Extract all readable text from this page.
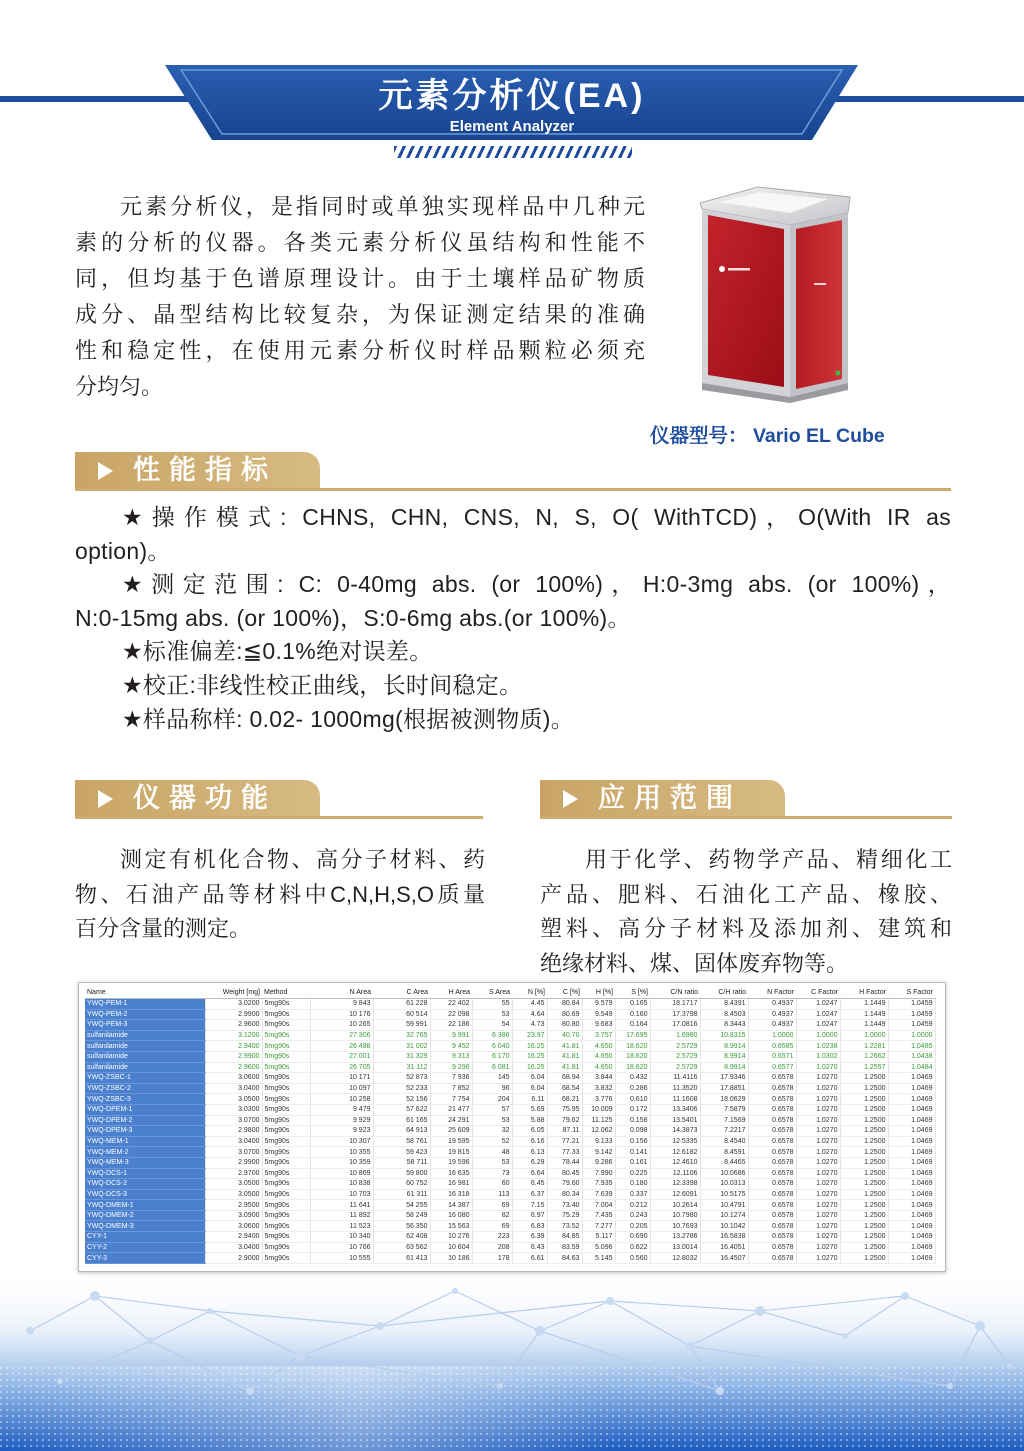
元素分析仪(EA)
Element Analyzer
元素分析仪，是指同时或单独实现样品中几种元
素的分析的仪器。各类元素分析仪虽结构和性能不
同，但均基于色谱原理设计。由于土壤样品矿物质
成分、晶型结构比较复杂，为保证测定结果的准确
性和稳定性，在使用元素分析仪时样品颗粒必须充
分均匀。
仪器型号： Vario EL Cube
性能指标
★操作模式: CHNS, CHN, CNS, N, S, O( WithTCD)，O(With IR as
option)。
★测定范围: C: 0-40mg abs. (or 100%)，H:0-3mg abs. (or 100%)，
N:0-15mg abs. (or 100%)，S:0-6mg abs.(or 100%)。
★标准偏差:≦0.1%绝对误差。
★校正:非线性校正曲线，长时间稳定。
★样品称样: 0.02- 1000mg(根据被测物质)。
仪器功能	应用范围
测定有机化合物、高分子材料、药
物、石油产品等材料中C,N,H,S,O质量
百分含量的测定。
用于化学、药物学产品、精细化工
产品、肥料、石油化工产品、橡胶、
塑料、高分子材料及添加剂、建筑和
绝缘材料、煤、固体废弃物等。
Name	Weight [mg]	Method	N Area	C Area	H Area	S Area	N [%]	C [%]	H [%]	S [%]	C/N ratio	C/H ratio	N Factor	C Factor	H Factor	S Factor
YWQ-PEM-1	3.0200	5mg90s	9 843	61 228	22 402	55	4.45	80.84	9.579	0.165	18.1717	8.4391	0.4937	1.0247	1.1449	1.0459
YWQ-PEM-2	2.9900	5mg90s	10 176	60 514	22 098	53	4.64	80.69	9.549	0.160	17.3798	8.4503	0.4937	1.0247	1.1449	1.0459
YWQ-PEM-3	2.9600	5mg90s	10 265	59 991	22 186	54	4.73	80.80	9.683	0.164	17.0816	8.3443	0.4937	1.0247	1.1449	1.0459
sulfanilamide	3.1200	5mg90s	27 306	32 765	9 991	6 386	23.97	40.70	3.757	17.695	1.6980	10.8315	1.0000	1.0000	1.0000	1.0000
sulfanilamide	2.9400	5mg90s	26 488	31 002	9 452	6 040	16.25	41.81	4.650	18.620	2.5729	8.9914	0.6585	1.0238	1.2281	1.0485
sulfanilamide	2.9900	5mg90s	27 001	31 329	9 313	6 170	16.25	41.81	4.650	18.620	2.5729	8.9914	0.6571	1.0302	1.2662	1.0438
sulfanilamide	2.9600	5mg90s	26 705	31 112	9 296	6 081	16.25	41.81	4.650	18.620	2.5729	8.9914	0.6577	1.0270	1.2557	1.0484
YWQ-ZSBC-1	3.0600	5mg90s	10 171	52 873	7 936	145	6.04	68.94	3.844	0.432	11.4116	17.9346	0.6578	1.0270	1.2500	1.0469
YWQ-ZSBC-2	3.0400	5mg90s	10 097	52 233	7 852	96	6.04	68.54	3.832	0.286	11.3520	17.8851	0.6578	1.0270	1.2500	1.0469
YWQ-ZSBC-3	3.0500	5mg90s	10 258	52 156	7 754	204	6.11	68.21	3.776	0.610	11.1608	18.0629	0.6578	1.0270	1.2500	1.0469
YWQ-DPEM-1	3.0300	5mg90s	9 479	57 622	21 477	57	5.69	75.95	10.009	0.172	13.3406	7.5879	0.6578	1.0270	1.2500	1.0469
YWQ-DPEM-2	3.0700	5mg90s	9 929	61 165	24 291	53	5.88	79.62	11.125	0.158	13.5401	7.1569	0.6578	1.0270	1.2500	1.0469
YWQ-DPEM-3	2.9800	5mg90s	9 923	64 913	25 609	32	6.05	87.11	12.062	0.098	14.3873	7.2217	0.6578	1.0270	1.2500	1.0469
YWQ-MEM-1	3.0400	5mg90s	10 307	58 761	19 595	52	6.16	77.21	9.133	0.156	12.5335	8.4540	0.6578	1.0270	1.2500	1.0469
YWQ-MEM-2	3.0700	5mg90s	10 355	59 423	19 815	48	6.13	77.33	9.142	0.141	12.6182	8.4591	0.6578	1.0270	1.2500	1.0469
YWQ-MEM-3	2.9900	5mg90s	10 359	58 711	19 596	53	6.29	78.44	9.286	0.161	12.4610	8.4465	0.6578	1.0270	1.2500	1.0469
YWQ-DCS-1	2.9700	5mg90s	10 869	59 800	16 635	73	6.64	80.45	7.990	0.225	12.1106	10.0686	0.6578	1.0270	1.2500	1.0469
YWQ-DCS-2	3.0500	5mg90s	10 838	60 752	16 981	60	6.45	79.60	7.935	0.180	12.3398	10.0313	0.6578	1.0270	1.2500	1.0469
YWQ-DCS-3	3.0500	5mg90s	10 703	61 311	16 318	113	6.37	80.34	7.639	0.337	12.6091	10.5175	0.6578	1.0270	1.2500	1.0469
YWQ-DMEM-1	2.9500	5mg90s	11 641	54 255	14 387	69	7.15	73.40	7.004	0.212	10.2614	10.4791	0.6578	1.0270	1.2500	1.0469
YWQ-DMEM-2	3.0900	5mg90s	11 892	58 249	16 080	82	6.97	75.29	7.435	0.243	10.7980	10.1274	0.6578	1.0270	1.2500	1.0469
YWQ-DMEM-3	3.0600	5mg90s	11 523	56 350	15 563	69	6.83	73.52	7.277	0.205	10.7693	10.1042	0.6578	1.0270	1.2500	1.0469
CYY-1	2.9400	5mg90s	10 340	62 408	10 276	223	6.39	84.85	5.117	0.690	13.2786	16.5838	0.6578	1.0270	1.2500	1.0469
CYY-2	3.0400	5mg90s	10 766	63 562	10 604	208	6.43	83.59	5.096	0.622	13.0014	16.4051	0.6578	1.0270	1.2500	1.0469
CYY-3	2.9000	5mg90s	10 555	61 413	10 186	178	6.61	84.63	5.145	0.560	12.8032	16.4507	0.6578	1.0270	1.2500	1.0469
